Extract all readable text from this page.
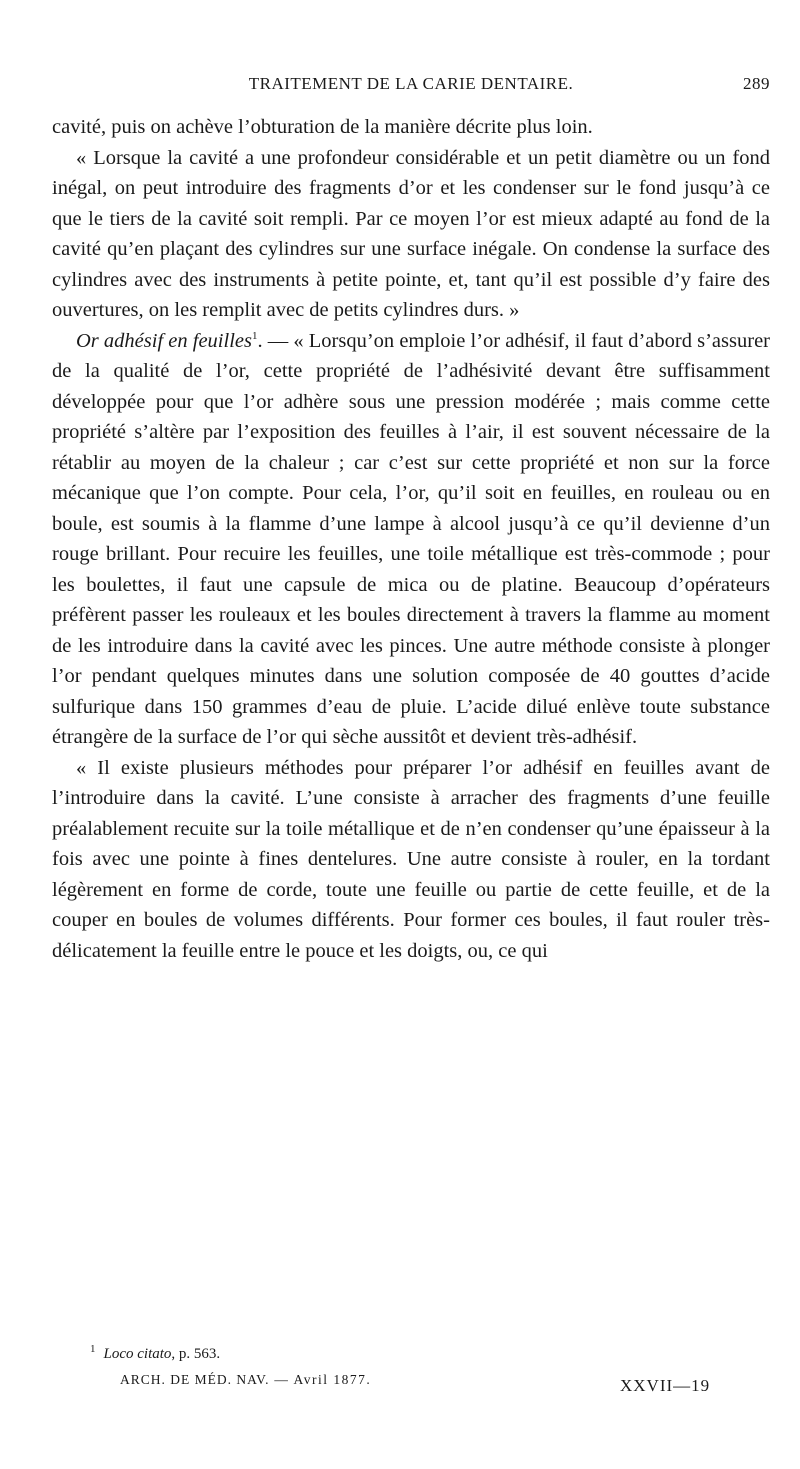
TRAITEMENT DE LA CARIE DENTAIRE.	289

cavité, puis on achève l’obturation de la manière décrite plus loin.

« Lorsque la cavité a une profondeur considérable et un petit diamètre ou un fond inégal, on peut introduire des fragments d’or et les condenser sur le fond jusqu’à ce que le tiers de la cavité soit rempli. Par ce moyen l’or est mieux adapté au fond de la cavité qu’en plaçant des cylindres sur une surface inégale. On condense la surface des cylindres avec des instruments à petite pointe, et, tant qu’il est possible d’y faire des ouvertures, on les remplit avec de petits cylindres durs. »

Or adhésif en feuilles$^1$. — « Lorsqu’on emploie l’or adhésif, il faut d’abord s’assurer de la qualité de l’or, cette propriété de l’adhésivité devant être suffisamment développée pour que l’or adhère sous une pression modérée ; mais comme cette propriété s’altère par l’exposition des feuilles à l’air, il est souvent nécessaire de la rétablir au moyen de la chaleur ; car c’est sur cette propriété et non sur la force mécanique que l’on compte. Pour cela, l’or, qu’il soit en feuilles, en rouleau ou en boule, est soumis à la flamme d’une lampe à alcool jusqu’à ce qu’il devienne d’un rouge brillant. Pour recuire les feuilles, une toile métallique est très-commode ; pour les boulettes, il faut une capsule de mica ou de platine. Beaucoup d’opérateurs préfèrent passer les rouleaux et les boules directement à travers la flamme au moment de les introduire dans la cavité avec les pinces. Une autre méthode consiste à plonger l’or pendant quelques minutes dans une solution composée de 40 gouttes d’acide sulfurique dans 150 grammes d’eau de pluie. L’acide dilué enlève toute substance étrangère de la surface de l’or qui sèche aussitôt et devient très-adhésif.

« Il existe plusieurs méthodes pour préparer l’or adhésif en feuilles avant de l’introduire dans la cavité. L’une consiste à arracher des fragments d’une feuille préalablement recuite sur la toile métallique et de n’en condenser qu’une épaisseur à la fois avec une pointe à fines dentelures. Une autre consiste à rouler, en la tordant légèrement en forme de corde, toute une feuille ou partie de cette feuille, et de la couper en boules de volumes différents. Pour former ces boules, il faut rouler très-délicatement la feuille entre le pouce et les doigts, ou, ce qui

$^1$ Loco citato, p. 563.
ARCH. DE MÉD. NAV. — Avril 1877.	XXVII—19
